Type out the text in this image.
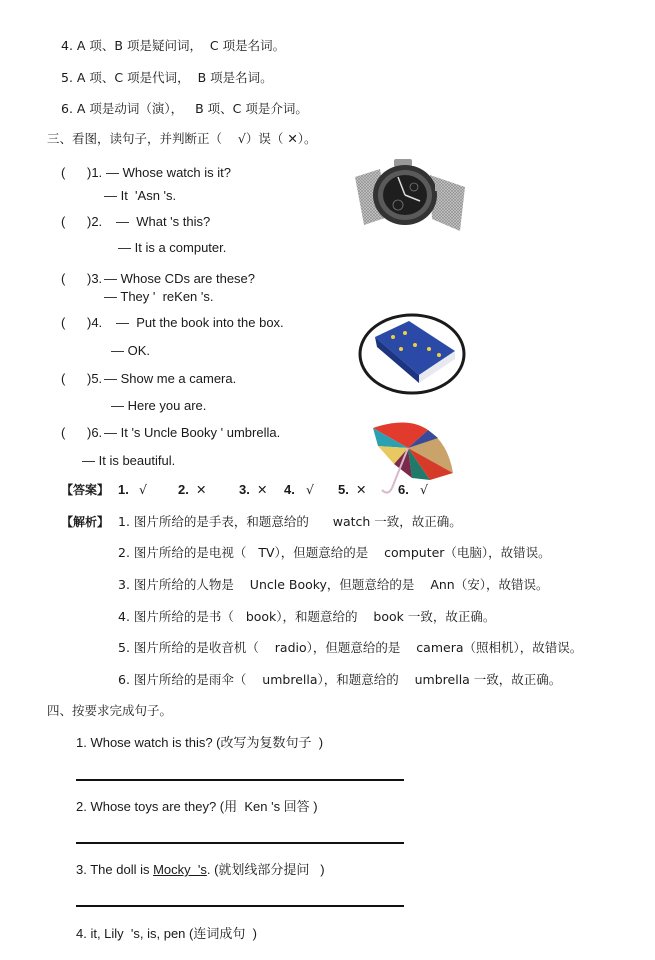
4. A 项、B 项是疑问词，  C 项是名词。
5. A 项、C 项是代词，  B 项是名词。
6. A 项是动词（演），   B 项、C 项是介词。
三、看图，读句子，并判断正（    √）误（ ✕）。
(      )1. — Whose watch is it?
— It  'Asn 's.
(      )2. —  What 's this?
— It is a computer.
(      )3. — Whose CDs are these?
— They '  reKen 's.
(      )4. —  Put the book into the box.
— OK.
(      )5. — Show me a camera.
— Here you are.
(      )6. — It 's Uncle Booky ' umbrella.
— It is beautiful.
【答案】 1. √ 2. ✕	3. ✕ 4. √ 5. ✕ 6. √
【解析】 1. 图片所给的是手表，和题意给的      watch 一致，故正确。
2. 图片所给的是电视（   TV），但题意给的是    computer（电脑），故错误。
3. 图片所给的人物是    Uncle Booky，但题意给的是    Ann（安），故错误。
4. 图片所给的是书（   book），和题意给的    book 一致，故正确。
5. 图片所给的是收音机（    radio），但题意给的是    camera（照相机），故错误。
6. 图片所给的是雨伞（    umbrella），和题意给的    umbrella 一致，故正确。
四、按要求完成句子。
1. Whose watch is this? (改写为复数句子  )
2. Whose toys are they? (用  Ken 's 回答 )
3. The doll is Mocky  's. (就划线部分提问   )
4. it, Lily  's, is, pen (连词成句  )
